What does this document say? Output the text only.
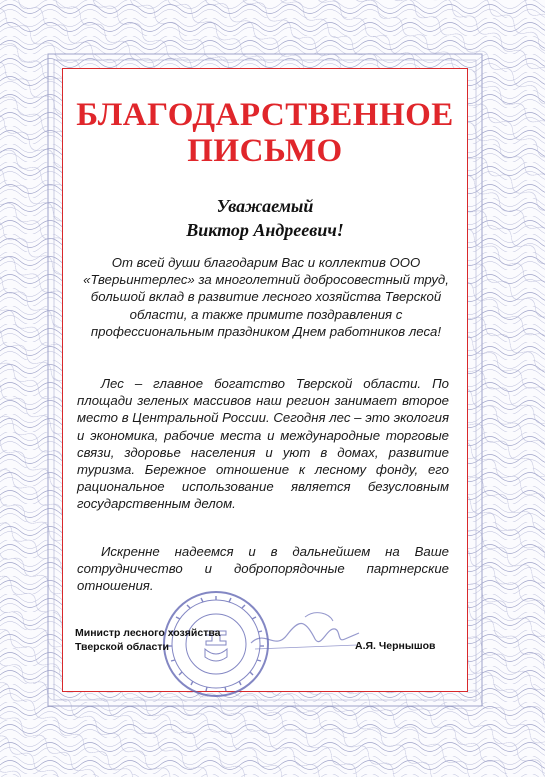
БЛАГОДАРСТВЕННОЕ
ПИСЬМО

Уважаемый

Виктор Андреевич!

От всей души благодарим Вас и коллектив ООО «Тверьинтерлес» за многолетний добросовестный труд, большой вклад в развитие лесного хозяйства Тверской области, а также примите поздравления с профессиональным праздником Днем работников леса!

Лес – главное богатство Тверской области. По площади зеленых массивов наш регион занимает второе место в Центральной России. Сегодня лес – это экология и экономика, рабочие места и международные торговые связи, здоровье населения и уют в домах, развитие туризма. Бережное отношение к лесному фонду, его рациональное использование является безусловным государственным делом.

Искренне надеемся и в дальнейшем на Ваше сотрудничество и добропорядочные партнерские отношения.

Министр лесного хозяйства
Тверской области	А.Я. Чернышов
